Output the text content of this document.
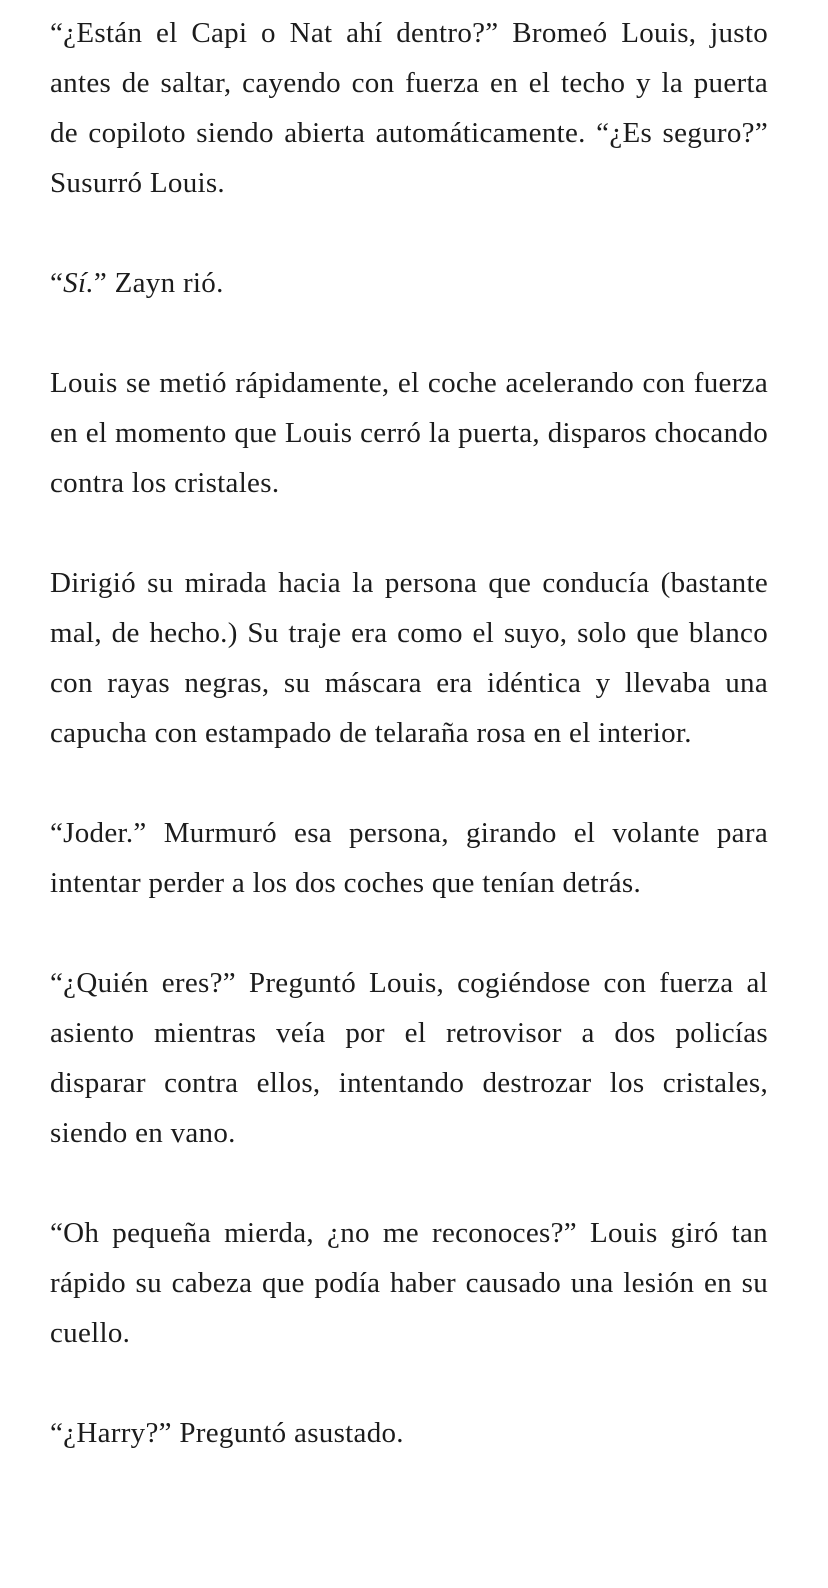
“¿Están el Capi o Nat ahí dentro?” Bromeó Louis, justo antes de saltar, cayendo con fuerza en el techo y la puerta de copiloto siendo abierta automáticamente. “¿Es seguro?” Susurró Louis.

“Sí.” Zayn rió.

Louis se metió rápidamente, el coche acelerando con fuerza en el momento que Louis cerró la puerta, disparos chocando contra los cristales.

Dirigió su mirada hacia la persona que conducía (bastante mal, de hecho.) Su traje era como el suyo, solo que blanco con rayas negras, su máscara era idéntica y llevaba una capucha con estampado de telaraña rosa en el interior.

“Joder.” Murmuró esa persona, girando el volante para intentar perder a los dos coches que tenían detrás.

“¿Quién eres?” Preguntó Louis, cogiéndose con fuerza al asiento mientras veía por el retrovisor a dos policías disparar contra ellos, intentando destrozar los cristales, siendo en vano.

“Oh pequeña mierda, ¿no me reconoces?” Louis giró tan rápido su cabeza que podía haber causado una lesión en su cuello.

“¿Harry?” Preguntó asustado.
